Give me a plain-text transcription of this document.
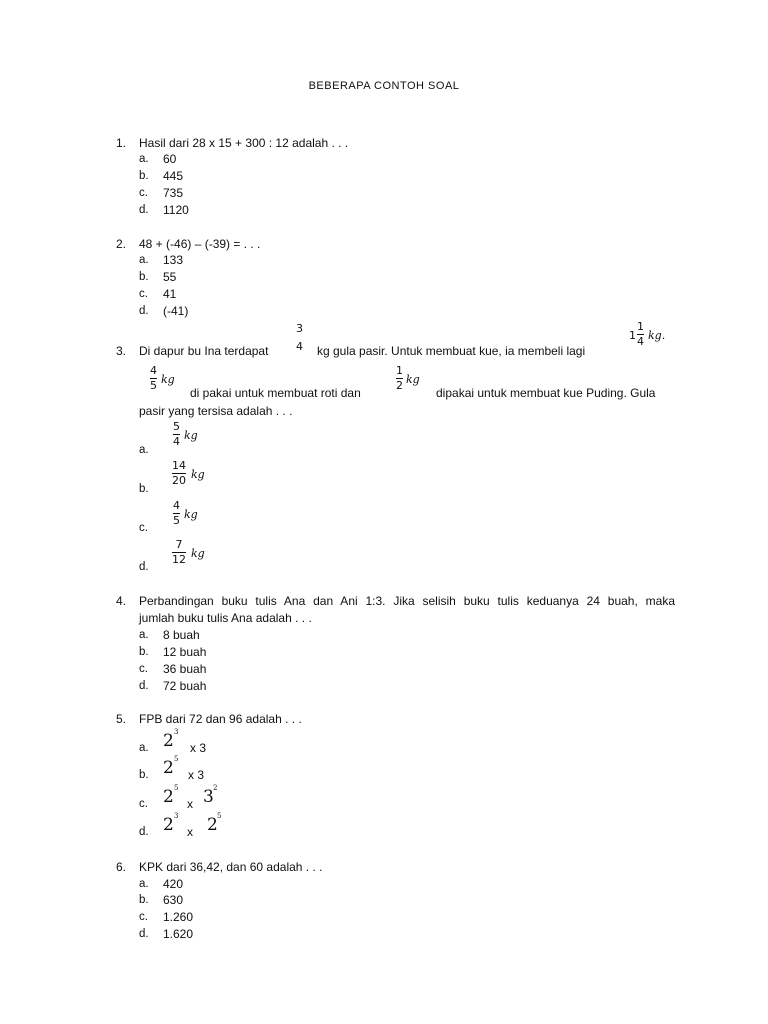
BEBERAPA CONTOH SOAL
1. Hasil dari 28 x 15 + 300 : 12 adalah . . .
a. 60
b. 445
c. 735
d. 1120
2. 48 + (-46) – (-39) = . . .
a. 133
b. 55
c. 41
d. (-41)
3. Di dapur bu Ina terdapat
3
4 kg gula pasir. Untuk membuat kue, ia membeli lagi
1
1
4 kg.
4
5 kg
di pakai untuk membuat roti dan
1
2 kg
dipakai untuk membuat kue Puding. Gula
pasir yang tersisa adalah . . .
a.
5
4 kg
b.
14
20 kg
c.
4
5 kg
d.
7
12 kg
4. Perbandingan buku tulis Ana dan Ani 1:3. Jika selisih buku tulis keduanya 24 buah, maka
jumlah buku tulis Ana adalah . . .
a. 8 buah
b. 12 buah
c. 36 buah
d. 72 buah
5. FPB dari 72 dan 96 adalah . . .
a. 2 3
x 3
b. 2 5
x 3
c. 2 5
x 3 2
d. 2 3
x 2 5
6. KPK dari 36,42, dan 60 adalah . . .
a. 420
b. 630
c. 1.260
d. 1.620
